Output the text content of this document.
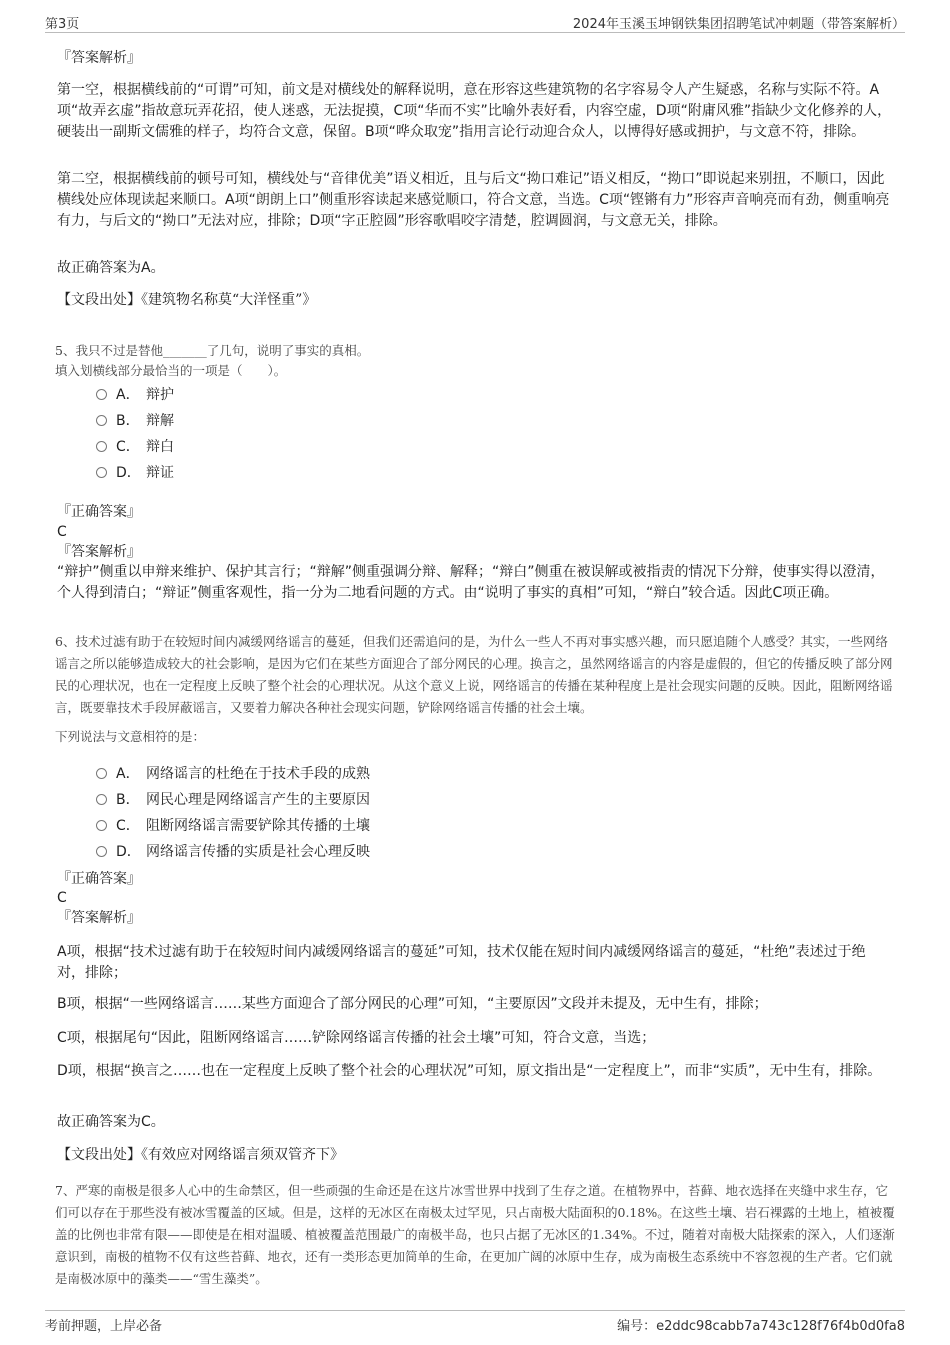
第3页	2024年玉溪玉坤钢铁集团招聘笔试冲刺题（带答案解析）
『答案解析』
第一空，根据横线前的“可谓”可知，前文是对横线处的解释说明，意在形容这些建筑物的名字容易令人产生疑惑，名称与实际不符。A项“故弄玄虚”指故意玩弄花招，使人迷惑，无法捉摸，C项“华而不实”比喻外表好看，内容空虚，D项“附庸风雅”指缺少文化修养的人，硬装出一副斯文儒雅的样子，均符合文意，保留。B项“哗众取宠”指用言论行动迎合众人，以博得好感或拥护，与文意不符，排除。
第二空，根据横线前的顿号可知，横线处与“音律优美”语义相近，且与后文“拗口难记”语义相反，“拗口”即说起来别扭，不顺口，因此横线处应体现读起来顺口。A项“朗朗上口”侧重形容读起来感觉顺口，符合文意，当选。C项“铿锵有力”形容声音响亮而有劲，侧重响亮有力，与后文的“拗口”无法对应，排除；D项“字正腔圆”形容歌唱咬字清楚，腔调圆润，与文意无关，排除。
故正确答案为A。
【文段出处】《建筑物名称莫“大洋怪重”》
5、我只不过是替他_______了几句，说明了事实的真相。
填入划横线部分最恰当的一项是（　　）。
A． 辩护
B． 辩解
C． 辩白
D． 辩证
『正确答案』
C
『答案解析』
“辩护”侧重以申辩来维护、保护其言行；“辩解”侧重强调分辩、解释；“辩白”侧重在被误解或被指责的情况下分辩，使事实得以澄清，个人得到清白；“辩证”侧重客观性，指一分为二地看问题的方式。由“说明了事实的真相”可知，“辩白”较合适。因此C项正确。
6、技术过滤有助于在较短时间内减缓网络谣言的蔓延，但我们还需追问的是，为什么一些人不再对事实感兴趣，而只愿追随个人感受？其实，一些网络谣言之所以能够造成较大的社会影响，是因为它们在某些方面迎合了部分网民的心理。换言之，虽然网络谣言的内容是虚假的，但它的传播反映了部分网民的心理状况，也在一定程度上反映了整个社会的心理状况。从这个意义上说，网络谣言的传播在某种程度上是社会现实问题的反映。因此，阻断网络谣言，既要靠技术手段屏蔽谣言，又要着力解决各种社会现实问题，铲除网络谣言传播的社会土壤。
下列说法与文意相符的是：
A． 网络谣言的杜绝在于技术手段的成熟
B． 网民心理是网络谣言产生的主要原因
C． 阻断网络谣言需要铲除其传播的土壤
D． 网络谣言传播的实质是社会心理反映
『正确答案』
C
『答案解析』
A项，根据“技术过滤有助于在较短时间内减缓网络谣言的蔓延”可知，技术仅能在短时间内减缓网络谣言的蔓延，“杜绝”表述过于绝对，排除；
B项，根据“一些网络谣言……某些方面迎合了部分网民的心理”可知，“主要原因”文段并未提及，无中生有，排除；
C项，根据尾句“因此，阻断网络谣言……铲除网络谣言传播的社会土壤”可知，符合文意，当选；
D项，根据“换言之……也在一定程度上反映了整个社会的心理状况”可知，原文指出是“一定程度上”，而非“实质”，无中生有，排除。
故正确答案为C。
【文段出处】《有效应对网络谣言须双管齐下》
7、严寒的南极是很多人心中的生命禁区，但一些顽强的生命还是在这片冰雪世界中找到了生存之道。在植物界中，苔藓、地衣选择在夹缝中求生存，它们可以存在于那些没有被冰雪覆盖的区域。但是，这样的无冰区在南极太过罕见，只占南极大陆面积的0.18%。在这些土壤、岩石裸露的土地上，植被覆盖的比例也非常有限——即使是在相对温暖、植被覆盖范围最广的南极半岛，也只占据了无冰区的1.34%。不过，随着对南极大陆探索的深入，人们逐渐意识到，南极的植物不仅有这些苔藓、地衣，还有一类形态更加简单的生命，在更加广阔的冰原中生存，成为南极生态系统中不容忽视的生产者。它们就是南极冰原中的藻类——“雪生藻类”。
考前押题，上岸必备	编号：e2ddc98cabb7a743c128f76f4b0d0fa8
